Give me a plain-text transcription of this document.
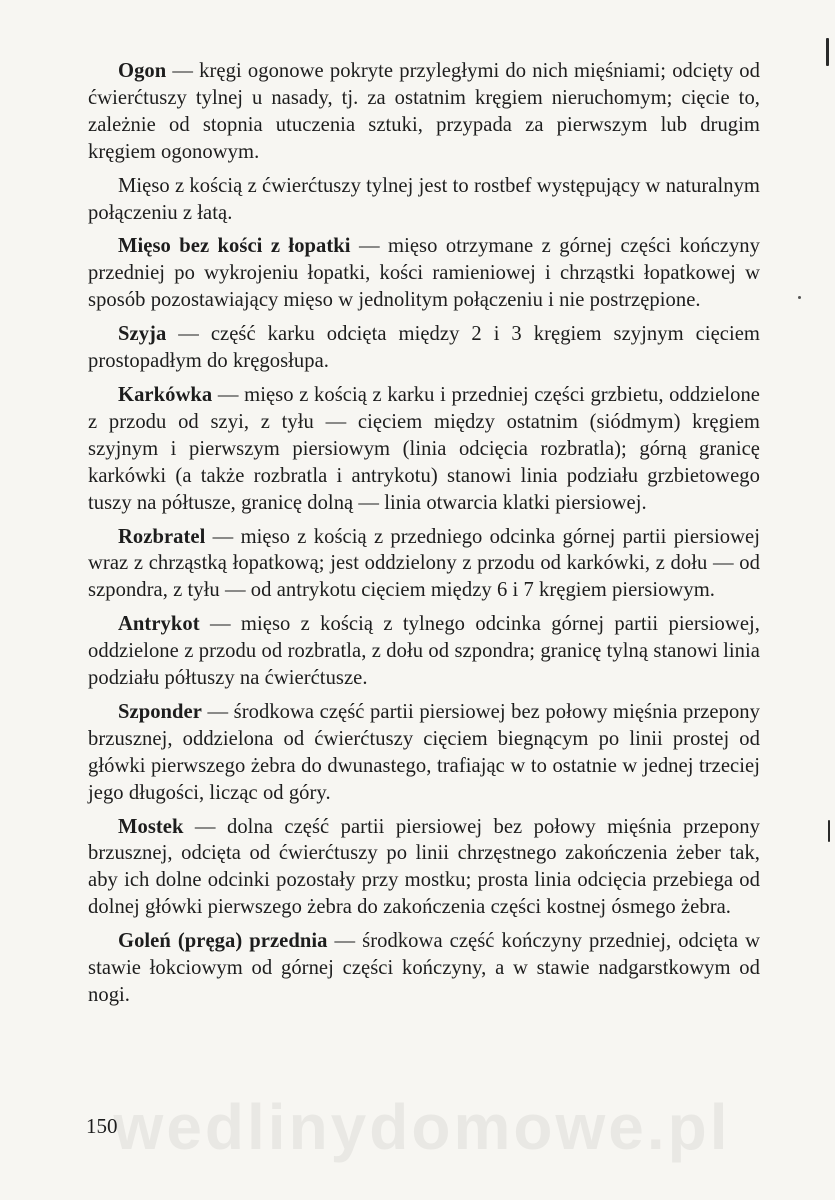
wedlinydomowe.pl

Ogon — kręgi ogonowe pokryte przyległymi do nich mięśniami; odcięty od ćwierćtuszy tylnej u nasady, tj. za ostatnim kręgiem nieruchomym; cięcie to, zależnie od stopnia utuczenia sztuki, przypada za pierwszym lub drugim kręgiem ogonowym.

Mięso z kością z ćwierćtuszy tylnej jest to rostbef występujący w naturalnym połączeniu z łatą.

Mięso bez kości z łopatki — mięso otrzymane z górnej części kończyny przedniej po wykrojeniu łopatki, kości ramieniowej i chrząstki łopatkowej w sposób pozostawiający mięso w jednolitym połączeniu i nie postrzępione.

Szyja — część karku odcięta między 2 i 3 kręgiem szyjnym cięciem prostopadłym do kręgosłupa.

Karkówka — mięso z kością z karku i przedniej części grzbietu, oddzielone z przodu od szyi, z tyłu — cięciem między ostatnim (siódmym) kręgiem szyjnym i pierwszym piersiowym (linia odcięcia rozbratla); górną granicę karkówki (a także rozbratla i antrykotu) stanowi linia podziału grzbietowego tuszy na półtusze, granicę dolną — linia otwarcia klatki piersiowej.

Rozbratel — mięso z kością z przedniego odcinka górnej partii piersiowej wraz z chrząstką łopatkową; jest oddzielony z przodu od karkówki, z dołu — od szpondra, z tyłu — od antrykotu cięciem między 6 i 7 kręgiem piersiowym.

Antrykot — mięso z kością z tylnego odcinka górnej partii piersiowej, oddzielone z przodu od rozbratla, z dołu od szpondra; granicę tylną stanowi linia podziału półtuszy na ćwierćtusze.

Szponder — środkowa część partii piersiowej bez połowy mięśnia przepony brzusznej, oddzielona od ćwierćtuszy cięciem biegnącym po linii prostej od główki pierwszego żebra do dwunastego, trafiając w to ostatnie w jednej trzeciej jego długości, licząc od góry.

Mostek — dolna część partii piersiowej bez połowy mięśnia przepony brzusznej, odcięta od ćwierćtuszy po linii chrzęstnego zakończenia żeber tak, aby ich dolne odcinki pozostały przy mostku; prosta linia odcięcia przebiega od dolnej główki pierwszego żebra do zakończenia części kostnej ósmego żebra.

Goleń (pręga) przednia — środkowa część kończyny przedniej, odcięta w stawie łokciowym od górnej części kończyny, a w stawie nadgarstkowym od nogi.

150
